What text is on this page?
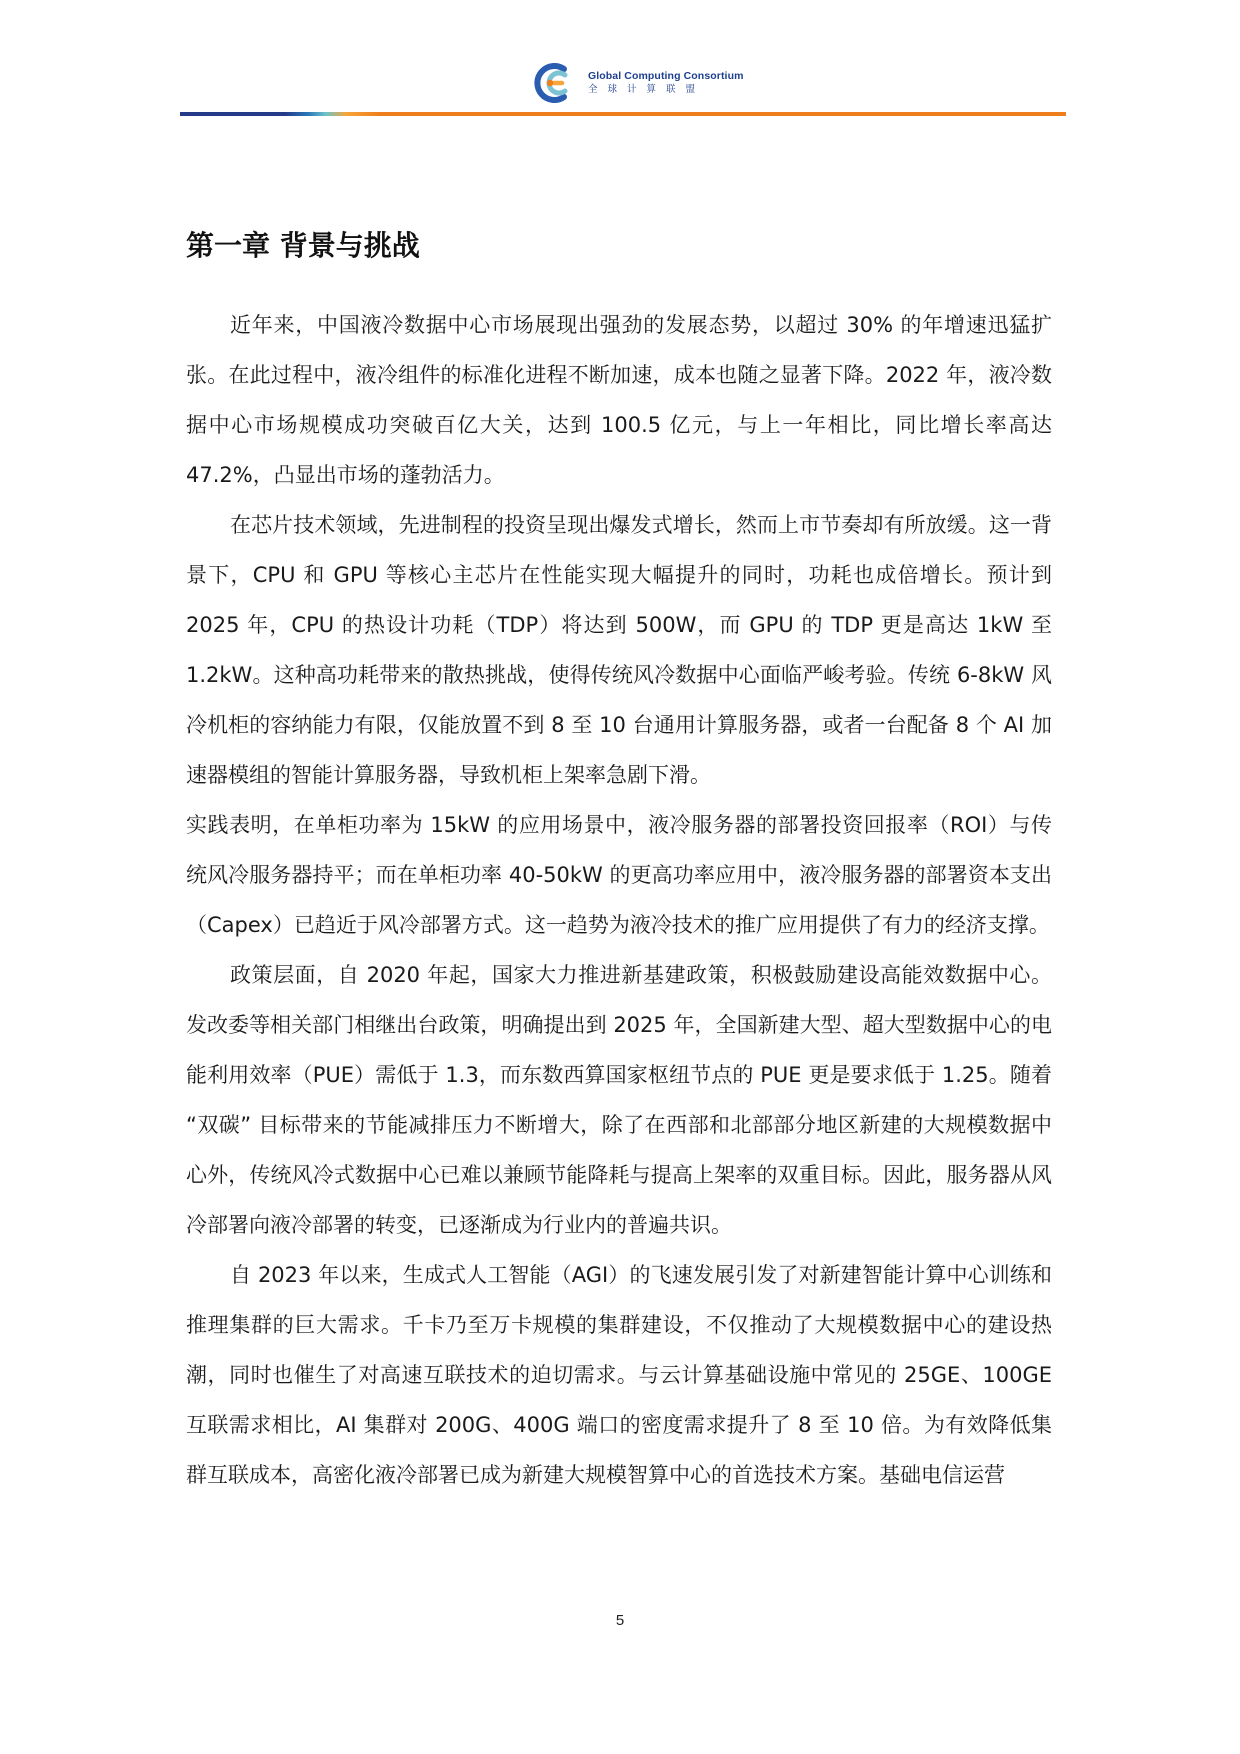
Global Computing Consortium
全球计算联盟
第一章 背景与挑战

近年来，中国液冷数据中心市场展现出强劲的发展态势，以超过 30% 的年增速迅猛扩张。在此过程中，液冷组件的标准化进程不断加速，成本也随之显著下降。2022 年，液冷数据中心市场规模成功突破百亿大关，达到 100.5 亿元，与上一年相比，同比增长率高达 47.2%，凸显出市场的蓬勃活力。

在芯片技术领域，先进制程的投资呈现出爆发式增长，然而上市节奏却有所放缓。这一背景下，CPU 和 GPU 等核心主芯片在性能实现大幅提升的同时，功耗也成倍增长。预计到 2025 年，CPU 的热设计功耗（TDP）将达到 500W，而 GPU 的 TDP 更是高达 1kW 至 1.2kW。这种高功耗带来的散热挑战，使得传统风冷数据中心面临严峻考验。传统 6-8kW 风冷机柜的容纳能力有限，仅能放置不到 8 至 10 台通用计算服务器，或者一台配备 8 个 AI 加速器模组的智能计算服务器，导致机柜上架率急剧下滑。

实践表明，在单柜功率为 15kW 的应用场景中，液冷服务器的部署投资回报率（ROI）与传统风冷服务器持平；而在单柜功率 40-50kW 的更高功率应用中，液冷服务器的部署资本支出（Capex）已趋近于风冷部署方式。这一趋势为液冷技术的推广应用提供了有力的经济支撑。

政策层面，自 2020 年起，国家大力推进新基建政策，积极鼓励建设高能效数据中心。发改委等相关部门相继出台政策，明确提出到 2025 年，全国新建大型、超大型数据中心的电能利用效率（PUE）需低于 1.3，而东数西算国家枢纽节点的 PUE 更是要求低于 1.25。随着 “双碳” 目标带来的节能减排压力不断增大，除了在西部和北部部分地区新建的大规模数据中心外，传统风冷式数据中心已难以兼顾节能降耗与提高上架率的双重目标。因此，服务器从风冷部署向液冷部署的转变，已逐渐成为行业内的普遍共识。

自 2023 年以来，生成式人工智能（AGI）的飞速发展引发了对新建智能计算中心训练和推理集群的巨大需求。千卡乃至万卡规模的集群建设，不仅推动了大规模数据中心的建设热潮，同时也催生了对高速互联技术的迫切需求。与云计算基础设施中常见的 25GE、100GE 互联需求相比，AI 集群对 200G、400G 端口的密度需求提升了 8 至 10 倍。为有效降低集群互联成本，高密化液冷部署已成为新建大规模智算中心的首选技术方案。基础电信运营

5
